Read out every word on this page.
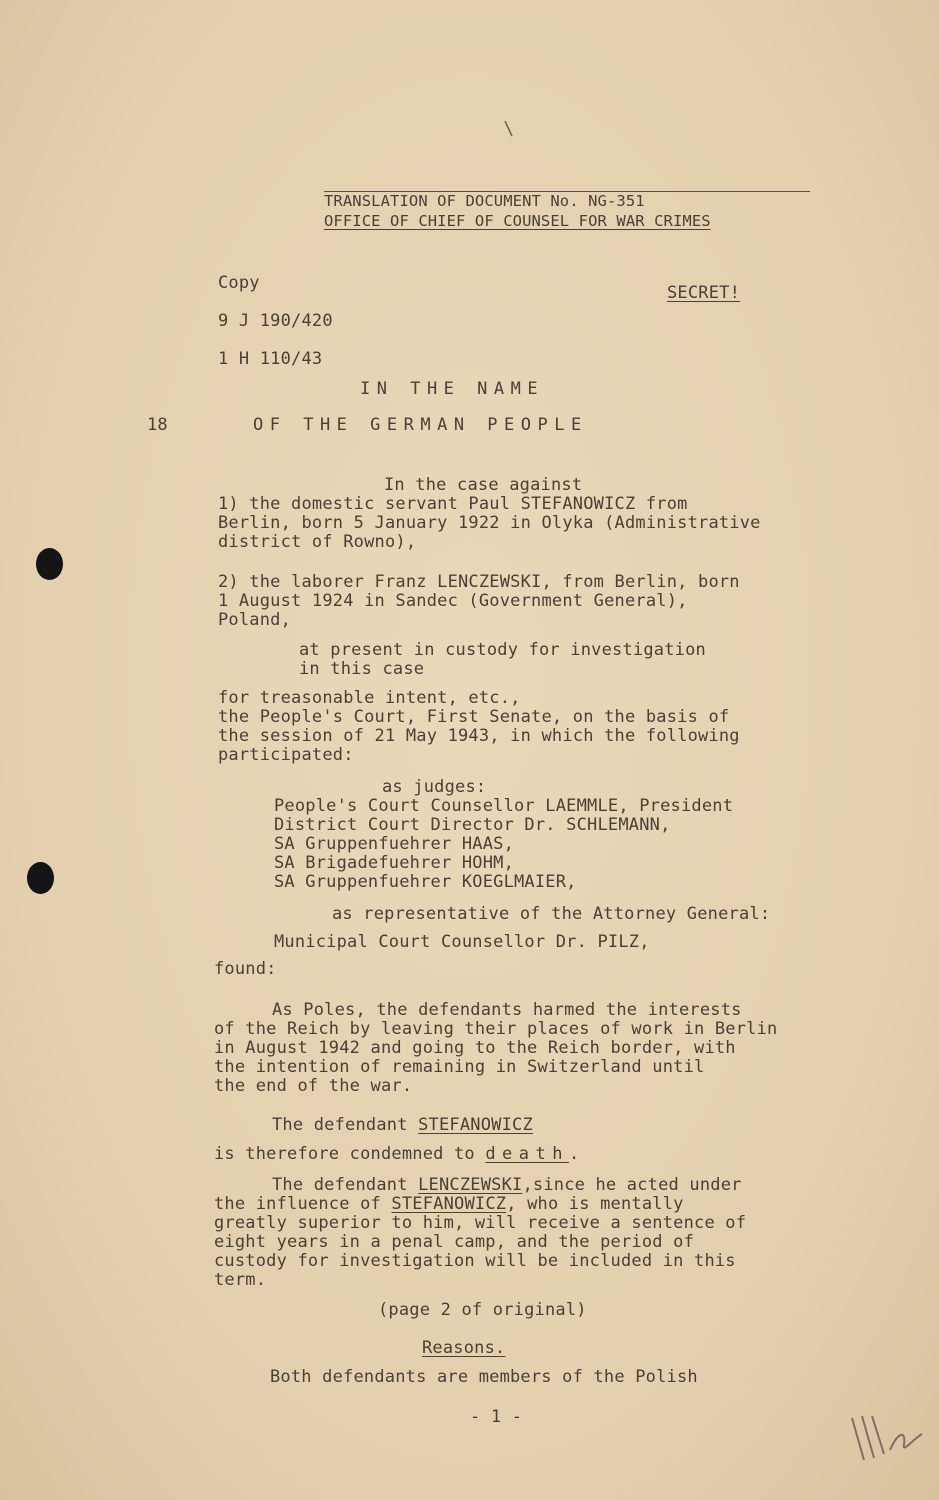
TRANSLATION OF DOCUMENT No. NG-351
OFFICE OF CHIEF OF COUNSEL FOR WAR CRIMES
Copy	SECRET!
9 J 190/420
1 H 110/43
IN THE NAME
18	OF THE GERMAN PEOPLE
In the case against
1) the domestic servant Paul STEFANOWICZ from
Berlin, born 5 January 1922 in Olyka (Administrative
district of Rowno),
2) the laborer Franz LENCZEWSKI, from Berlin, born
1 August 1924 in Sandec (Government General),
Poland,
at present in custody for investigation
in this case
for treasonable intent, etc.,
the People's Court, First Senate, on the basis of
the session of 21 May 1943, in which the following
participated:
as judges:
People's Court Counsellor LAEMMLE, President
District Court Director Dr. SCHLEMANN,
SA Gruppenfuehrer HAAS,
SA Brigadefuehrer HOHM,
SA Gruppenfuehrer KOEGLMAIER,
as representative of the Attorney General:
Municipal Court Counsellor Dr. PILZ,
found:
As Poles, the defendants harmed the interests
of the Reich by leaving their places of work in Berlin
in August 1942 and going to the Reich border, with
the intention of remaining in Switzerland until
the end of the war.
The defendant STEFANOWICZ
is therefore condemned to death.
The defendant LENCZEWSKI,since he acted under
the influence of STEFANOWICZ, who is mentally
greatly superior to him, will receive a sentence of
eight years in a penal camp, and the period of
custody for investigation will be included in this
term.
(page 2 of original)
Reasons.
Both defendants are members of the Polish
- 1 -
